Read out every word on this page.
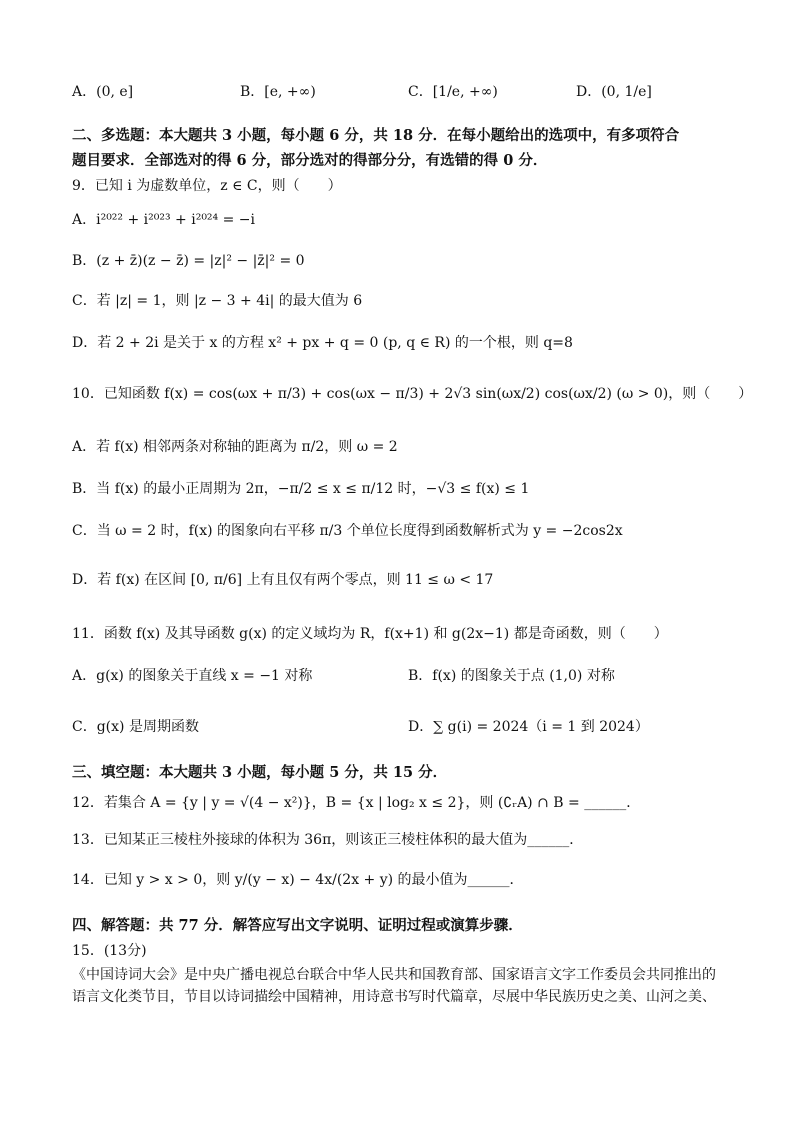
A．(0, e]	B．[e, +∞)	C．[1/e, +∞)	D．(0, 1/e]
二、多选题：本大题共 3 小题，每小题 6 分，共 18 分．在每小题给出的选项中，有多项符合
题目要求．全部选对的得 6 分，部分选对的得部分分，有选错的得 0 分．
9．已知 i 为虚数单位，z ∈ C，则（　　）
A．i²⁰²² + i²⁰²³ + i²⁰²⁴ = −i
B．(z + z̄)(z − z̄) = |z|² − |z̄|² = 0
C．若 |z| = 1，则 |z − 3 + 4i| 的最大值为 6
D．若 2 + 2i 是关于 x 的方程 x² + px + q = 0 (p, q ∈ R) 的一个根，则 q=8
10．已知函数 f(x) = cos(ωx + π/3) + cos(ωx − π/3) + 2√3 sin(ωx/2) cos(ωx/2) (ω > 0)，则（　　）
A．若 f(x) 相邻两条对称轴的距离为 π/2，则 ω = 2
B．当 f(x) 的最小正周期为 2π，−π/2 ≤ x ≤ π/12 时，−√3 ≤ f(x) ≤ 1
C．当 ω = 2 时，f(x) 的图象向右平移 π/3 个单位长度得到函数解析式为 y = −2cos2x
D．若 f(x) 在区间 [0, π/6] 上有且仅有两个零点，则 11 ≤ ω < 17
11．函数 f(x) 及其导函数 g(x) 的定义域均为 R，f(x+1) 和 g(2x−1) 都是奇函数，则（　　）
A．g(x) 的图象关于直线 x = −1 对称	B．f(x) 的图象关于点 (1,0) 对称
C．g(x) 是周期函数	D．∑ g(i) = 2024（i = 1 到 2024）
三、填空题：本大题共 3 小题，每小题 5 分，共 15 分．
12．若集合 A = {y | y = √(4 − x²)}，B = {x | log₂ x ≤ 2}，则 (∁ᵣA) ∩ B = ______．
13．已知某正三棱柱外接球的体积为 36π，则该正三棱柱体积的最大值为______．
14．已知 y > x > 0，则 y/(y − x) − 4x/(2x + y) 的最小值为______．
四、解答题：共 77 分．解答应写出文字说明、证明过程或演算步骤．
15．(13分)
《中国诗词大会》是中央广播电视总台联合中华人民共和国教育部、国家语言文字工作委员会共同推出的语言文化类节目，节目以诗词描绘中国精神，用诗意书写时代篇章，尽展中华民族历史之美、山河之美、
